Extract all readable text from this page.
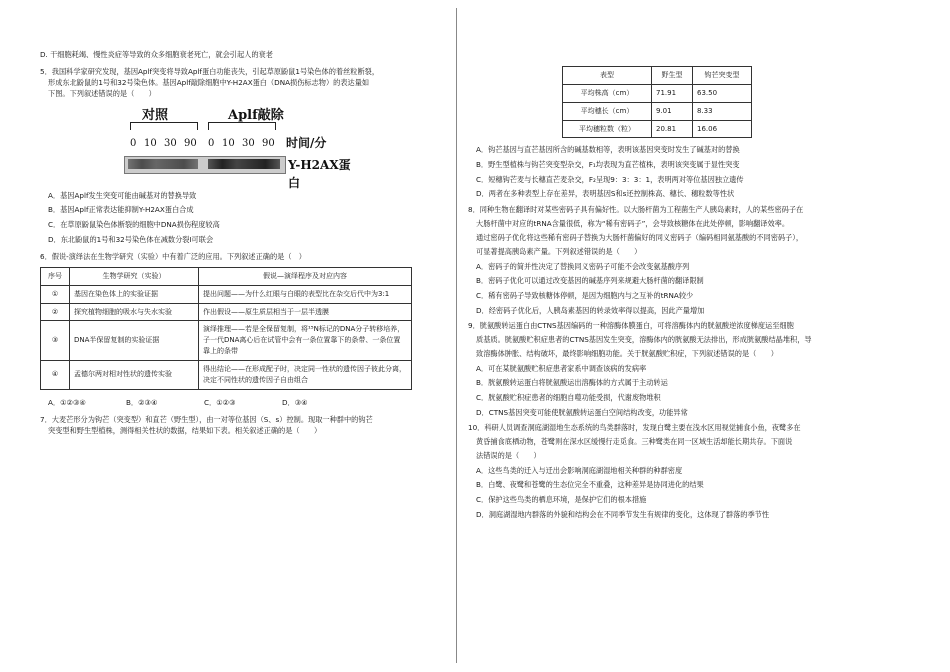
D. 干细胞耗竭、慢性炎症等导致的众多细胞衰老死亡，就会引起人的衰老

5．我国科学家研究发现，基因Aplf突变将导致Aplf蛋白功能丧失，引起草原鼢鼠1号染色体的着丝粒断裂，

形成东北鼢鼠的1号和32号染色体。基因Aplf敲除细胞中Y-H2AX蛋白（DNA损伤标志物）的表达量如

下图。下列叙述错误的是（　　）

对照	Aplf敲除
0 10 30 90 0 10 30 90 时间/分
Y-H2AX蛋白

A．基因Aplf发生突变可能由碱基对的替换导致

B．基因Aplf正常表达能抑制Y-H2AX蛋白合成

C．在草原鼢鼠染色体断裂的细胞中DNA损伤程度较高

D．东北鼢鼠的1号和32号染色体在减数分裂Ⅰ可联会

6．假说-演绎法在生物学研究（实验）中有着广泛的应用。下列叙述正确的是（　）

序号	生物学研究（实验）	假说—演绎程序及对应内容
①	基因在染色体上的实验证据	提出问题——为什么红眼与白眼的表型比在杂交后代中为3:1
②	探究植物细胞的吸水与失水实验	作出假设——原生质层相当于一层半透膜
③	DNA半保留复制的实验证据	演绎推理——若是全保留复制，将¹⁵N标记的DNA分子转移培养，子一代DNA离心后在试管中会有一条位置靠下的条带、一条位置靠上的条带
④	孟德尔两对相对性状的遗传实验	得出结论——在形成配子时，决定同一性状的遗传因子彼此分离，决定不同性状的遗传因子自由组合
A．①②③④	B．②③④	C．①②③	D．③④

7．大麦芒形分为钩芒（突变型）和直芒（野生型），由一对等位基因（S、s）控制。现取一种群中的钩芒

突变型和野生型植株，测得相关性状的数据，结果如下表。相关叙述正确的是（　　）

表型	野生型	钩芒突变型
平均株高（cm）	71.91	63.50
平均穗长（cm）	9.01	8.33
平均穗粒数（粒）	20.81	16.06

A．钩芒基因与直芒基因所含的碱基数相等，表明该基因突变时发生了碱基对的替换

B．野生型植株与钩芒突变型杂交，F₁均表现为直芒植株，表明该突变属于显性突变

C．短穗钩芒麦与长穗直芒麦杂交，F₂呈现9：3：3：1，表明两对等位基因独立遗传

D．两者在多种表型上存在差异，表明基因S和s还控制株高、穗长、穗粒数等性状

8．同种生物在翻译时对某些密码子具有偏好性。以大肠杆菌为工程菌生产人胰岛素时，人的某些密码子在

大肠杆菌中对应的tRNA含量很低，称为“稀有密码子”，会导致核糖体在此处停顿，影响翻译效率。

通过密码子优化将这些稀有密码子替换为大肠杆菌偏好的同义密码子（编码相同氨基酸的不同密码子），

可显著提高胰岛素产量。下列叙述错误的是（　　）

A．密码子的简并性决定了替换同义密码子可能不会改变氨基酸序列

B．密码子优化可以通过改变基因的碱基序列来规避大肠杆菌的翻译限制

C．稀有密码子导致核糖体停顿，是因为细胞内与之互补的tRNA较少

D．经密码子优化后，人胰岛素基因的转录效率得以提高，因此产量增加

9．胱氨酸转运蛋白由CTNS基因编码的一种溶酶体膜蛋白，可将溶酶体内的胱氨酸逆浓度梯度运至细胞

质基质。胱氨酸贮积症患者的CTNS基因发生突变，溶酶体内的胱氨酸无法排出，形成胱氨酸结晶堆积，导

致溶酶体肿胀、结构破坏，最终影响细胞功能。关于胱氨酸贮积症，下列叙述错误的是（　　）

A．可在某胱氨酸贮积症患者家系中调查该病的发病率

B．胱氨酸转运蛋白将胱氨酸运出溶酶体的方式属于主动转运

C．胱氨酸贮积症患者的细胞自噬功能受损，代谢废物堆积

D．CTNS基因突变可能使胱氨酸转运蛋白空间结构改变，功能异常

10．科研人员调查洞庭湖湿地生态系统的鸟类群落时，发现白鹭主要在浅水区用视觉捕食小鱼，夜鹭多在

黄昏捕食底栖动物，苍鹭则在深水区缓慢行走觅食。三种鹭类在同一区域生活却能长期共存。下面说

法错误的是（　　）

A．这些鸟类的迁入与迁出会影响洞庭湖湿地相关种群的种群密度

B．白鹭、夜鹭和苍鹭的生态位完全不重叠，这种差异是协同进化的结果

C．保护这些鸟类的栖息环境，是保护它们的根本措施

D．洞庭湖湿地内群落的外貌和结构会在不同季节发生有规律的变化，这体现了群落的季节性
